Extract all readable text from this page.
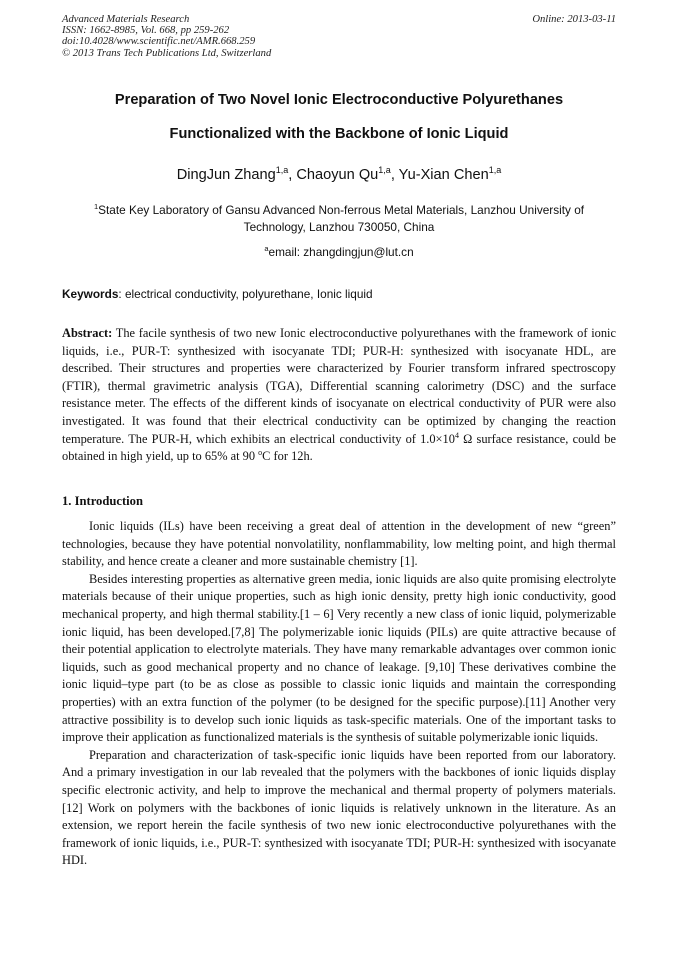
Advanced Materials Research
ISSN: 1662-8985, Vol. 668, pp 259-262
doi:10.4028/www.scientific.net/AMR.668.259
© 2013 Trans Tech Publications Ltd, Switzerland
Online: 2013-03-11
Preparation of Two Novel Ionic Electroconductive Polyurethanes
Functionalized with the Backbone of Ionic Liquid
DingJun Zhang$^{1,a}$, Chaoyun Qu$^{1,a}$, Yu-Xian Chen$^{1,a}$
$^1$State Key Laboratory of Gansu Advanced Non-ferrous Metal Materials, Lanzhou University of Technology, Lanzhou 730050, China
$^a$email: zhangdingjun@lut.cn
Keywords: electrical conductivity, polyurethane, Ionic liquid
Abstract: The facile synthesis of two new Ionic electroconductive polyurethanes with the framework of ionic liquids, i.e., PUR-T: synthesized with isocyanate TDI; PUR-H: synthesized with isocyanate HDL, are described. Their structures and properties were characterized by Fourier transform infrared spectroscopy (FTIR), thermal gravimetric analysis (TGA), Differential scanning calorimetry (DSC) and the surface resistance meter. The effects of the different kinds of isocyanate on electrical conductivity of PUR were also investigated. It was found that their electrical conductivity can be optimized by changing the reaction temperature. The PUR-H, which exhibits an electrical conductivity of $1.0\times 10^4$ Ω surface resistance, could be obtained in high yield, up to 65% at 90 $^o$C for 12h.
1. Introduction

Ionic liquids (ILs) have been receiving a great deal of attention in the development of new “green” technologies, because they have potential nonvolatility, nonflammability, low melting point, and high thermal stability, and hence create a cleaner and more sustainable chemistry [1].

Besides interesting properties as alternative green media, ionic liquids are also quite promising electrolyte materials because of their unique properties, such as high ionic density, pretty high ionic conductivity, good mechanical property, and high thermal stability.[1 – 6] Very recently a new class of ionic liquid, polymerizable ionic liquid, has been developed.[7,8] The polymerizable ionic liquids (PILs) are quite attractive because of their potential application to electrolyte materials. They have many remarkable advantages over common ionic liquids, such as good mechanical property and no chance of leakage. [9,10] These derivatives combine the ionic liquid–type part (to be as close as possible to classic ionic liquids and maintain the corresponding properties) with an extra function of the polymer (to be designed for the specific purpose).[11] Another very attractive possibility is to develop such ionic liquids as task-specific materials. One of the important tasks to improve their application as functionalized materials is the synthesis of suitable polymerizable ionic liquids.

Preparation and characterization of task-specific ionic liquids have been reported from our laboratory. And a primary investigation in our lab revealed that the polymers with the backbones of ionic liquids display specific electronic activity, and help to improve the mechanical and thermal property of polymers materials. [12] Work on polymers with the backbones of ionic liquids is relatively unknown in the literature. As an extension, we report herein the facile synthesis of two new ionic electroconductive polyurethanes with the framework of ionic liquids, i.e., PUR-T: synthesized with isocyanate TDI; PUR-H: synthesized with isocyanate HDI.
